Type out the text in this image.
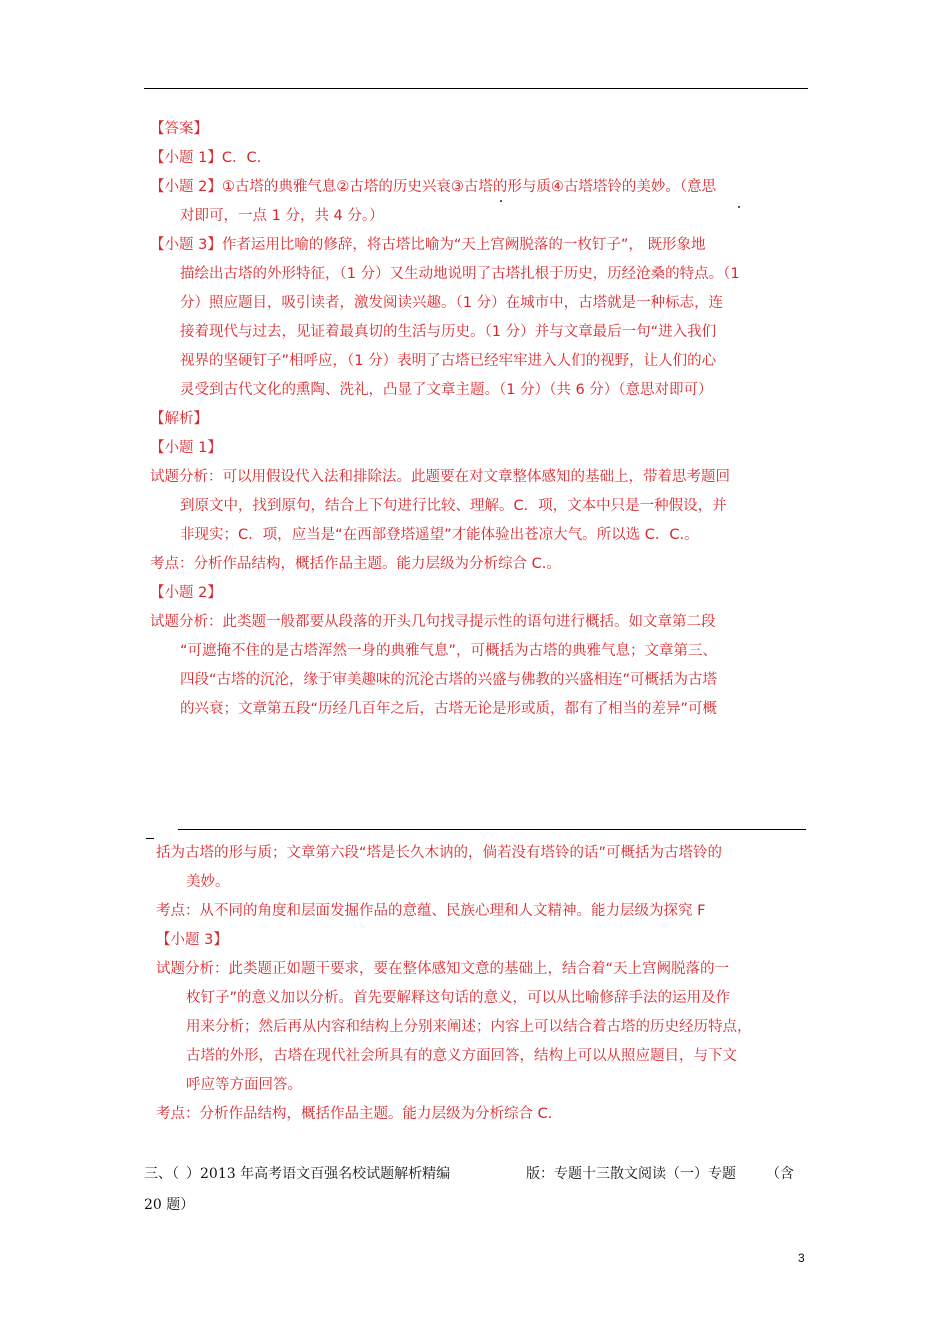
【答案】
【小题 1】C．C.
【小题 2】①古塔的典雅气息②古塔的历史兴衰③古塔的形与质④古塔塔铃的美妙。（意思
对即可，一点 1 分，共 4 分。）
【小题 3】作者运用比喻的修辞，将古塔比喻为“天上宫阙脱落的一枚钉子”， 既形象地
描绘出古塔的外形特征，（1 分）又生动地说明了古塔扎根于历史，历经沧桑的特点。（1
分）照应题目，吸引读者，激发阅读兴趣。（1 分）在城市中，古塔就是一种标志，连
接着现代与过去，见证着最真切的生活与历史。（1 分）并与文章最后一句“进入我们
视界的坚硬钉子”相呼应，（1 分）表明了古塔已经牢牢进入人们的视野，让人们的心
灵受到古代文化的熏陶、洗礼，凸显了文章主题。（1 分）（共 6 分）（意思对即可）
【解析】
【小题 1】
试题分析：可以用假设代入法和排除法。此题要在对文章整体感知的基础上，带着思考题回
到原文中，找到原句，结合上下句进行比较、理解。C．项，文本中只是一种假设，并
非现实；C．项，应当是“在西部登塔遥望”才能体验出苍凉大气。所以选 C．C.。
考点：分析作品结构，概括作品主题。能力层级为分析综合 C.。
【小题 2】
试题分析：此类题一般都要从段落的开头几句找寻提示性的语句进行概括。如文章第二段
“可遮掩不住的是古塔浑然一身的典雅气息”，可概括为古塔的典雅气息；文章第三、
四段“古塔的沉沦，缘于审美趣味的沉沦古塔的兴盛与佛教的兴盛相连”可概括为古塔
的兴衰；文章第五段“历经几百年之后，古塔无论是形或质，都有了相当的差异”可概
括为古塔的形与质；文章第六段“塔是长久木讷的，倘若没有塔铃的话”可概括为古塔铃的
美妙。
考点：从不同的角度和层面发掘作品的意蕴、民族心理和人文精神。能力层级为探究 F
【小题 3】
试题分析：此类题正如题干要求，要在整体感知文意的基础上，结合着“天上宫阙脱落的一
枚钉子”的意义加以分析。首先要解释这句话的意义，可以从比喻修辞手法的运用及作
用来分析；然后再从内容和结构上分别来阐述；内容上可以结合着古塔的历史经历特点，
古塔的外形，古塔在现代社会所具有的意义方面回答，结构上可以从照应题目，与下文
呼应等方面回答。
考点：分析作品结构，概括作品主题。能力层级为分析综合 C.
三、（ ）2013 年高考语文百强名校试题解析精编	版：专题十三散文阅读（一）专题 （含
20 题）
3
